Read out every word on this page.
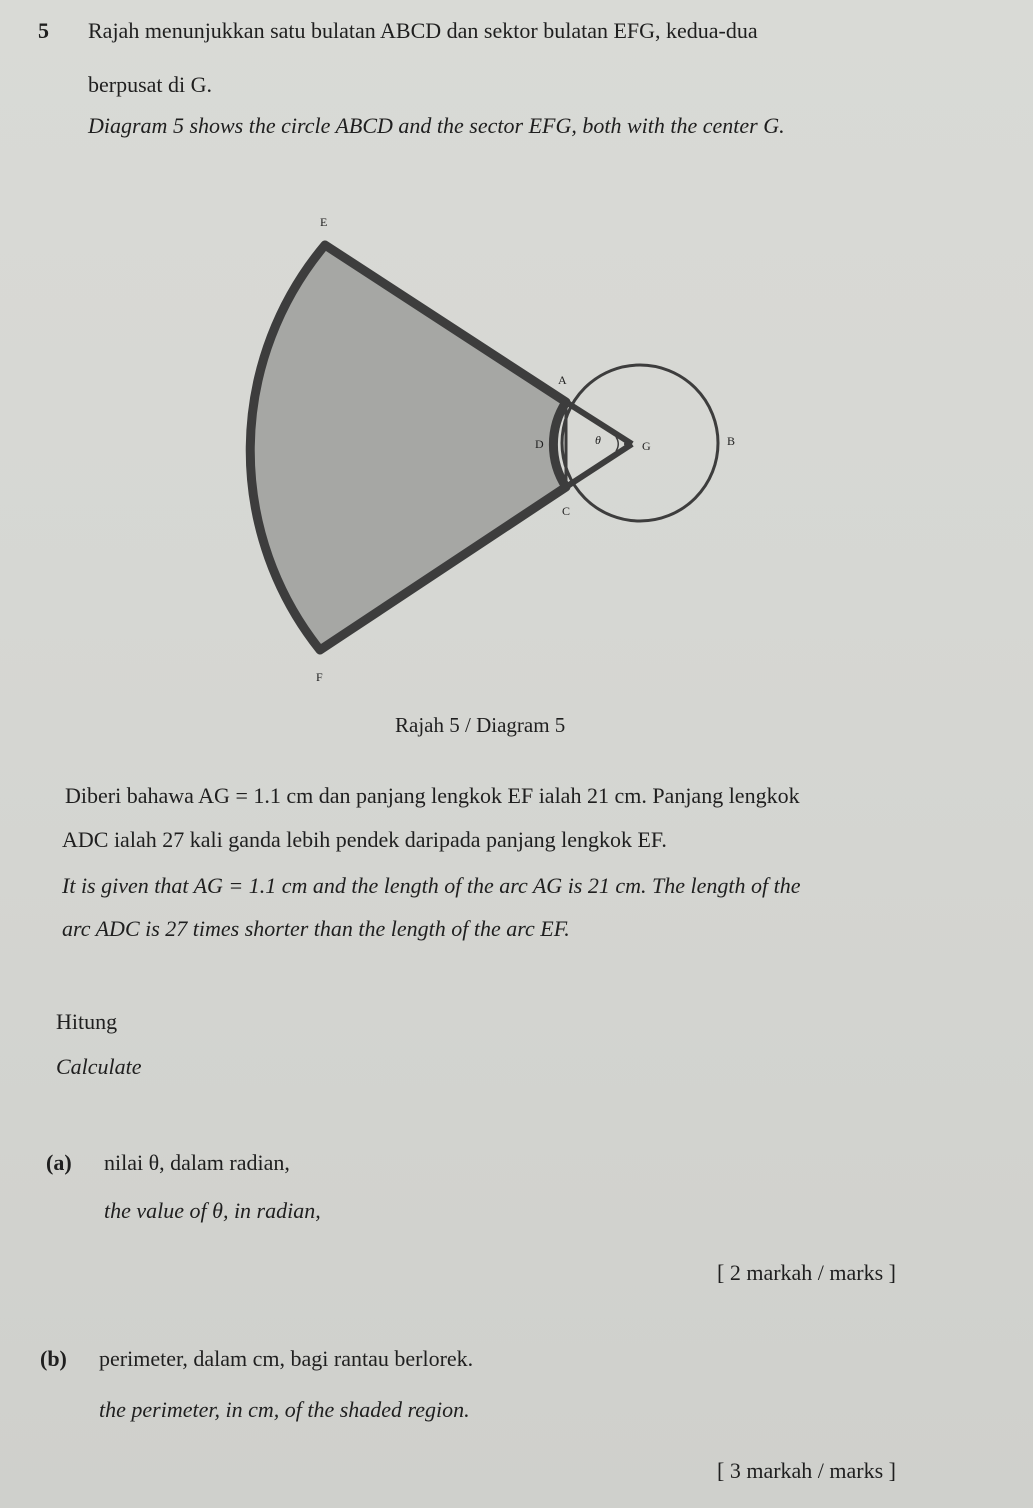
5 Rajah menunjukkan satu bulatan ABCD dan sektor bulatan EFG, kedua-dua
berpusat di G.
Diagram 5 shows the circle ABCD and the sector EFG, both with the center G.
E
F
A
D
C
B
G
θ
Rajah 5 / Diagram 5
Diberi bahawa AG = 1.1 cm dan panjang lengkok EF ialah 21 cm. Panjang lengkok
ADC ialah 27 kali ganda lebih pendek daripada panjang lengkok EF.
It is given that AG = 1.1 cm and the length of the arc AG is 21 cm. The length of the
arc ADC is 27 times shorter than the length of the arc EF.
Hitung
Calculate
(a) nilai θ, dalam radian,
the value of θ, in radian,
[ 2 markah / marks ]
(b) perimeter, dalam cm, bagi rantau berlorek.
the perimeter, in cm, of the shaded region.
[ 3 markah / marks ]
